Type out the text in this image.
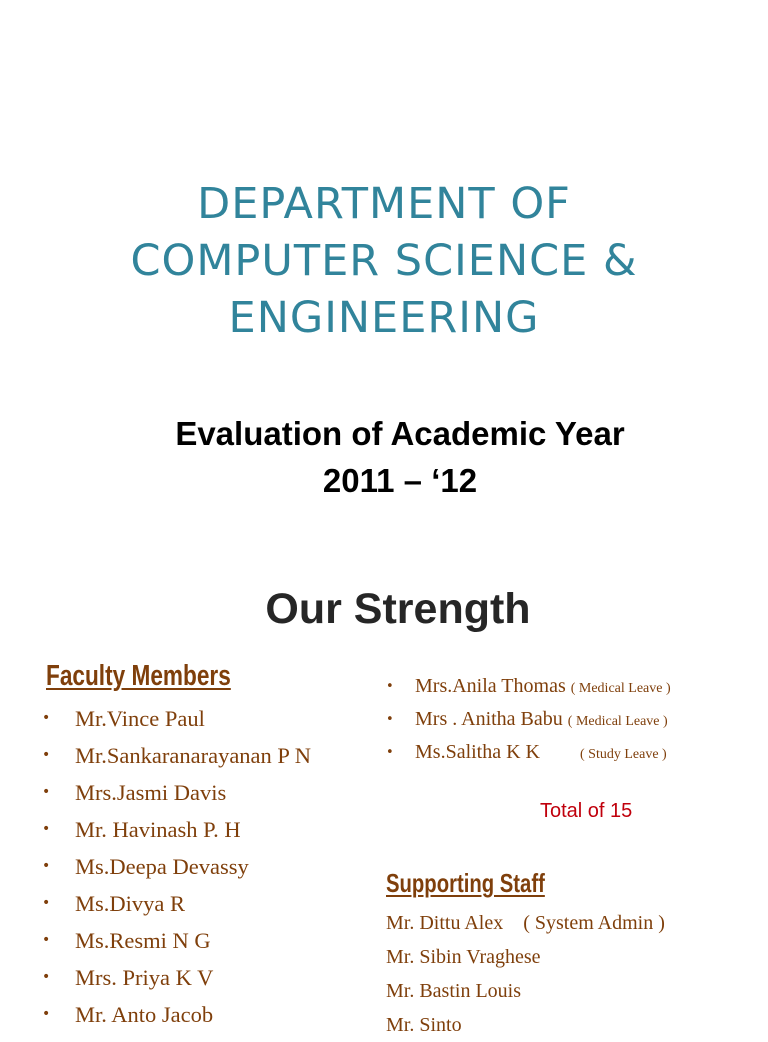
DEPARTMENT OF
COMPUTER SCIENCE &
ENGINEERING
Evaluation of Academic Year
2011 – ‘12
Our Strength
Faculty Members
• Mr.Vince Paul
• Mr.Sankaranarayanan P N
• Mrs.Jasmi Davis
• Mr. Havinash P. H
• Ms.Deepa Devassy
• Ms.Divya R
• Ms.Resmi N G
• Mrs. Priya K V
• Mr. Anto Jacob
• Mrs.Anila Thomas ( Medical Leave )
• Mrs . Anitha Babu ( Medical Leave )
• Ms.Salitha K K	( Study Leave )
Total of 15
Supporting Staff
Mr. Dittu Alex    ( System Admin )
Mr. Sibin Vraghese
Mr. Bastin Louis
Mr. Sinto
